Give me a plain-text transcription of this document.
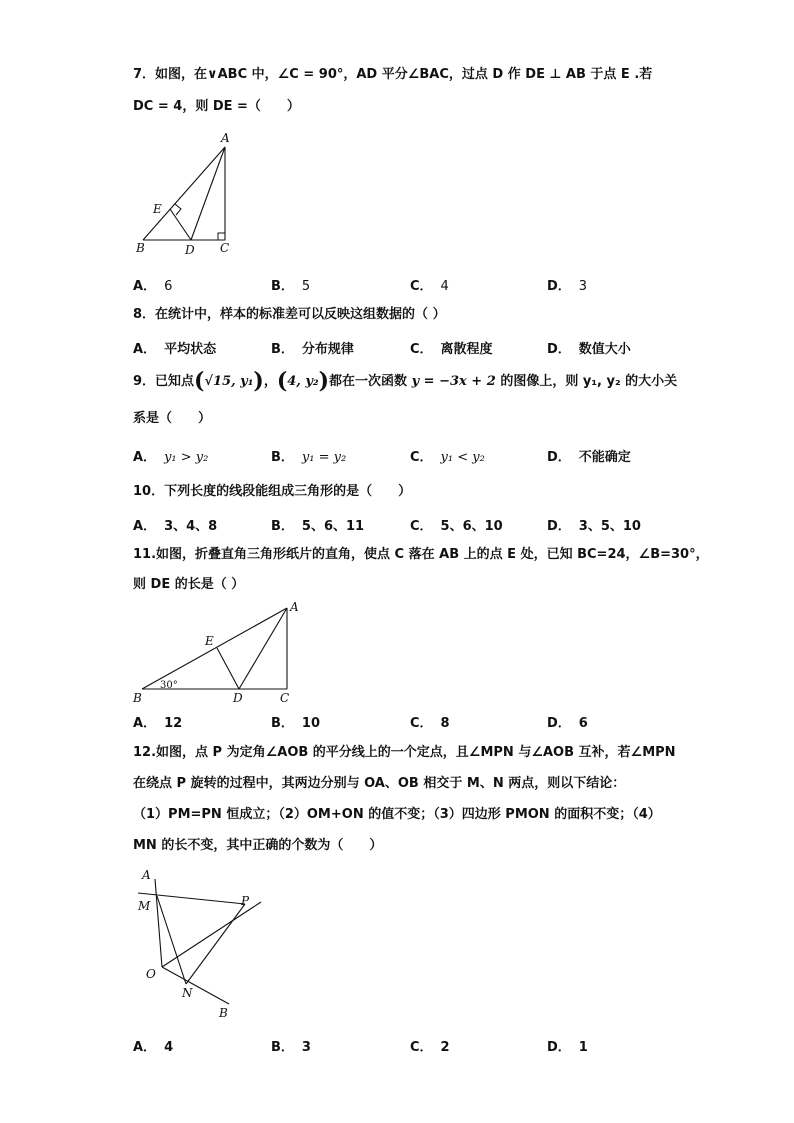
7．如图，在∨ABC 中，∠C = 90°，AD 平分∠BAC，过点 D 作 DE ⊥ AB 于点 E .若
DC = 4，则 DE =（　　）
A
E
B	D C
A． 6	B． 5	C． 4	D． 3
8．在统计中，样本的标准差可以反映这组数据的（ ）
A． 平均状态	B． 分布规律	C． 离散程度	D． 数值大小
9．已知点(√15, y₁)，(4, y₂)都在一次函数 y = −3x + 2 的图像上，则 y₁, y₂ 的大小关
系是（　　）
A． y₁ > y₂	B． y₁ = y₂	C． y₁ < y₂	D． 不能确定
10．下列长度的线段能组成三角形的是（　　）
A． 3、4、8	B． 5、6、11	C． 5、6、10	D． 3、5、10
11.如图，折叠直角三角形纸片的直角，使点 C 落在 AB 上的点 E 处，已知 BC=24，∠B=30°，
则 DE 的长是（ ）
A
E
B	D	C
30°
A． 12	B． 10	C． 8	D． 6
12.如图，点 P 为定角∠AOB 的平分线上的一个定点，且∠MPN 与∠AOB 互补，若∠MPN
在绕点 P 旋转的过程中，其两边分别与 OA、OB 相交于 M、N 两点，则以下结论：
（1）PM=PN 恒成立；（2）OM+ON 的值不变；（3）四边形 PMON 的面积不变；（4）
MN 的长不变，其中正确的个数为（　　）
A
M	P
O
N
B
A． 4	B． 3	C． 2	D． 1
